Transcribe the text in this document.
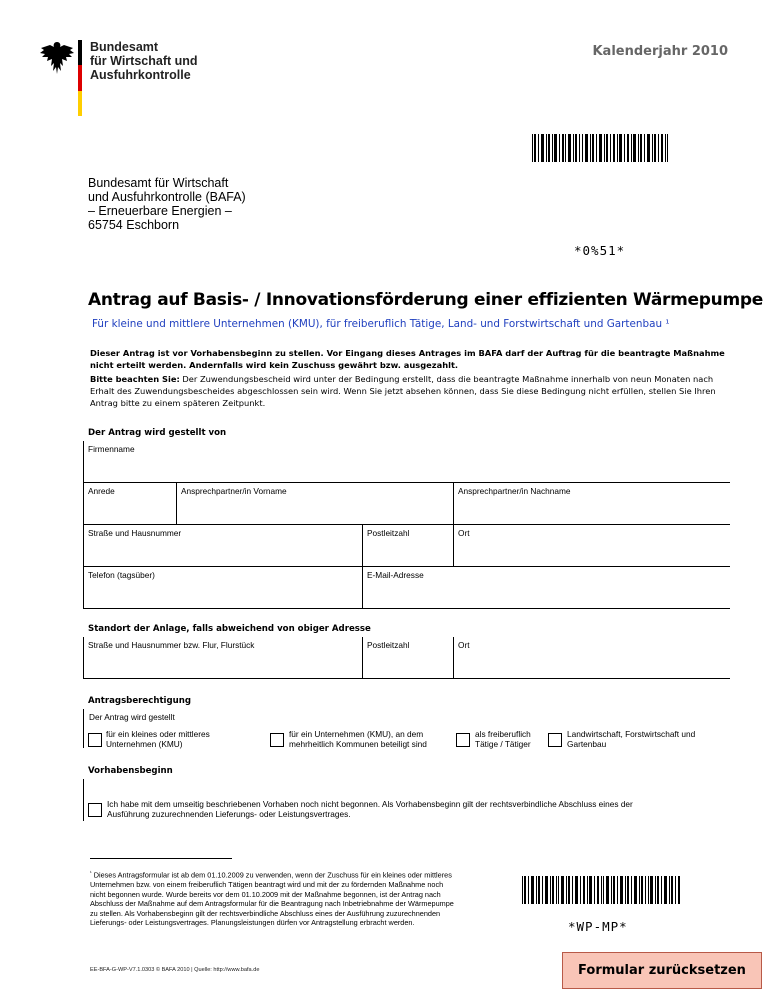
Bundesamt
für Wirtschaft und
Ausfuhrkontrolle
Kalenderjahr 2010
Bundesamt für Wirtschaft
und Ausfuhrkontrolle (BAFA)
– Erneuerbare Energien –
65754 Eschborn
*0%51*
Antrag auf Basis- / Innovationsförderung einer effizienten Wärmepumpe
Für kleine und mittlere Unternehmen (KMU), für freiberuflich Tätige, Land- und Forstwirtschaft und Gartenbau ¹
Dieser Antrag ist vor Vorhabensbeginn zu stellen. Vor Eingang dieses Antrages im BAFA darf der Auftrag für die beantragte Maßnahme nicht erteilt werden. Andernfalls wird kein Zuschuss gewährt bzw. ausgezahlt.
Bitte beachten Sie: Der Zuwendungsbescheid wird unter der Bedingung erstellt, dass die beantragte Maßnahme innerhalb von neun Monaten nach Erhalt des Zuwendungsbescheides abgeschlossen sein wird. Wenn Sie jetzt absehen können, dass Sie diese Bedingung nicht erfüllen, stellen Sie Ihren Antrag bitte zu einem späteren Zeitpunkt.
Der Antrag wird gestellt von
Firmenname
Anrede	Ansprechpartner/in Vorname	Ansprechpartner/in Nachname
Straße und Hausnummer	Postleitzahl	Ort
Telefon (tagsüber)	E-Mail-Adresse
Standort der Anlage, falls abweichend von obiger Adresse
Straße und Hausnummer bzw. Flur, Flurstück	Postleitzahl	Ort
Antragsberechtigung
Der Antrag wird gestellt
für ein kleines oder mittleres
Unternehmen (KMU)
für ein Unternehmen (KMU), an dem
mehrheitlich Kommunen beteiligt sind
als freiberuflich
Tätige / Tätiger
Landwirtschaft, Forstwirtschaft und
Gartenbau
Vorhabensbeginn
Ich habe mit dem umseitig beschriebenen Vorhaben noch nicht begonnen. Als Vorhabensbeginn gilt der rechtsverbindliche Abschluss eines der
Ausführung zuzurechnenden Lieferungs- oder Leistungsvertrages.
$^{^1}$ Dieses Antragsformular ist ab dem 01.10.2009 zu verwenden, wenn der Zuschuss für ein kleines oder mittleres Unternehmen bzw. von einem freiberuflich Tätigen beantragt wird und mit der zu fördernden Maßnahme noch nicht begonnen wurde. Wurde bereits vor dem 01.10.2009 mit der Maßnahme begonnen, ist der Antrag nach Abschluss der Maßnahme auf dem Antragsformular für die Beantragung nach Inbetriebnahme der Wärmepumpe zu stellen. Als Vorhabensbeginn gilt der rechtsverbindliche Abschluss eines der Ausführung zuzurechnenden Lieferungs- oder Leistungsvertrages. Planungsleistungen dürfen vor Antragstellung erbracht werden.
EE-BFA-G-WP-V7.1.0303 © BAFA 2010 | Quelle: http://www.bafa.de
*WP-MP*
Formular zurücksetzen
